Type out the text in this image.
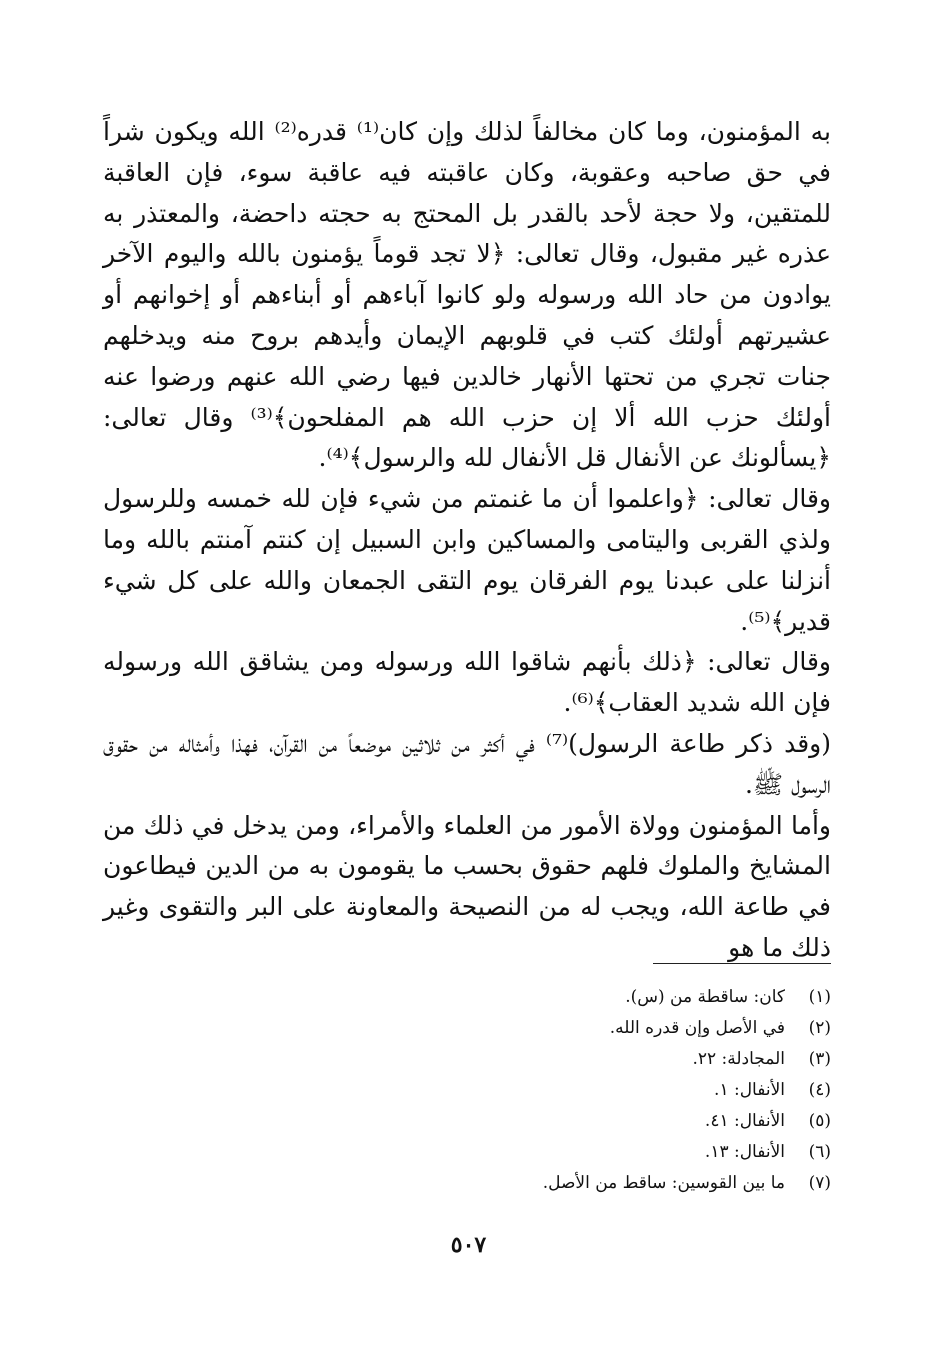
به المؤمنون، وما كان مخالفاً لذلك وإن كان⁽¹⁾ قدره⁽²⁾ الله ويكون شراً في حق صاحبه وعقوبة، وكان عاقبته فيه عاقبة سوء، فإن العاقبة للمتقين، ولا حجة لأحد بالقدر بل المحتج به حجته داحضة، والمعتذر به عذره غير مقبول، وقال تعالى: ﴿لا تجد قوماً يؤمنون بالله واليوم الآخر يوادون من حاد الله ورسوله ولو كانوا آباءهم أو أبناءهم أو إخوانهم أو عشيرتهم أولئك كتب في قلوبهم الإيمان وأيدهم بروح منه ويدخلهم جنات تجري من تحتها الأنهار خالدين فيها رضي الله عنهم ورضوا عنه أولئك حزب الله ألا إن حزب الله هم المفلحون﴾⁽³⁾ وقال تعالى: ﴿يسألونك عن الأنفال قل الأنفال لله والرسول﴾⁽⁴⁾.

وقال تعالى: ﴿واعلموا أن ما غنمتم من شيء فإن لله خمسه وللرسول ولذي القربى واليتامى والمساكين وابن السبيل إن كنتم آمنتم بالله وما أنزلنا على عبدنا يوم الفرقان يوم التقى الجمعان والله على كل شيء قدير﴾⁽⁵⁾.

وقال تعالى: ﴿ذلك بأنهم شاقوا الله ورسوله ومن يشاقق الله ورسوله فإن الله شديد العقاب﴾⁽⁶⁾.

(وقد ذكر طاعة الرسول)⁽⁷⁾ في أكثر من ثلاثين موضعاً من القرآن، فهذا وأمثاله من حقوق الرسول ﷺ.

وأما المؤمنون وولاة الأمور من العلماء والأمراء، ومن يدخل في ذلك من المشايخ والملوك فلهم حقوق بحسب ما يقومون به من الدين فيطاعون في طاعة الله، ويجب له من النصيحة والمعاونة على البر والتقوى وغير ذلك ما هو

(١)
كان: ساقطة من (س).
(٢)
في الأصل وإن قدره الله.
(٣)
المجادلة: ٢٢.
(٤)
الأنفال: ١.
(٥)
الأنفال: ٤١.
(٦)
الأنفال: ١٣.
(٧)
ما بين القوسين: ساقط من الأصل.
٥٠٧
